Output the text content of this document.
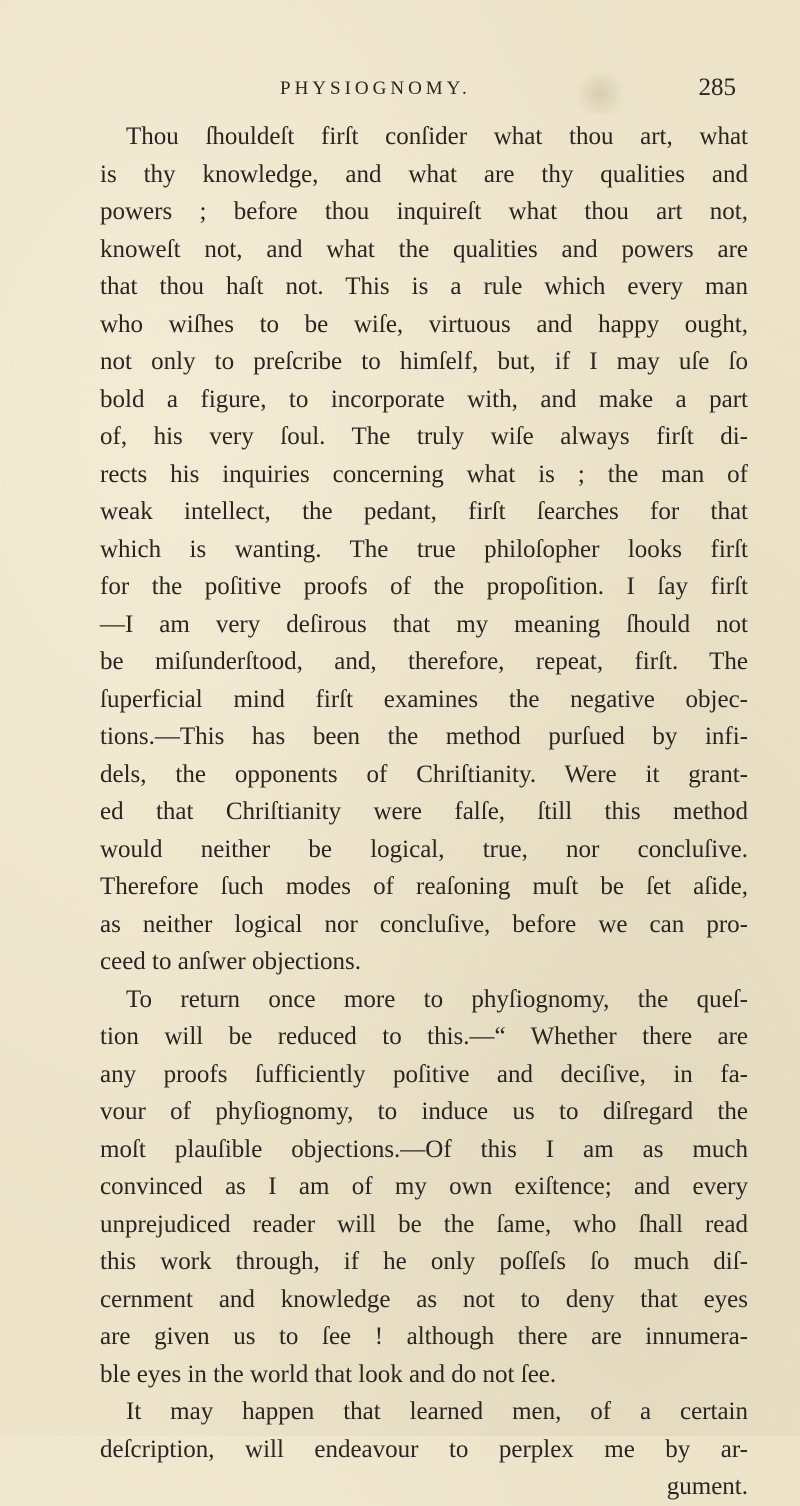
PHYSIOGNOMY.	285
Thou ſhouldeſt firſt conſider what thou art, what
is thy knowledge, and what are thy qualities and
powers ; before thou inquireſt what thou art not,
knoweſt not, and what the qualities and powers are
that thou haſt not. This is a rule which every man
who wiſhes to be wiſe, virtuous and happy ought,
not only to preſcribe to himſelf, but, if I may uſe ſo
bold a figure, to incorporate with, and make a part
of, his very ſoul. The truly wiſe always firſt di-
rects his inquiries concerning what is ; the man of
weak intellect, the pedant, firſt ſearches for that
which is wanting. The true philoſopher looks firſt
for the poſitive proofs of the propoſition. I ſay firſt
—I am very deſirous that my meaning ſhould not
be miſunderſtood, and, therefore, repeat, firſt. The
ſuperficial mind firſt examines the negative objec-
tions.—This has been the method purſued by infi-
dels, the opponents of Chriſtianity. Were it grant-
ed that Chriſtianity were falſe, ſtill this method
would neither be logical, true, nor concluſive.
Therefore ſuch modes of reaſoning muſt be ſet aſide,
as neither logical nor concluſive, before we can pro-
ceed to anſwer objections.
To return once more to phyſiognomy, the queſ-
tion will be reduced to this.—“ Whether there are
any proofs ſufficiently poſitive and deciſive, in fa-
vour of phyſiognomy, to induce us to diſregard the
moſt plauſible objections.—Of this I am as much
convinced as I am of my own exiſtence; and every
unprejudiced reader will be the ſame, who ſhall read
this work through, if he only poſſeſs ſo much diſ-
cernment and knowledge as not to deny that eyes
are given us to ſee ! although there are innumera-
ble eyes in the world that look and do not ſee.
It may happen that learned men, of a certain
deſcription, will endeavour to perplex me by ar-
gument.
